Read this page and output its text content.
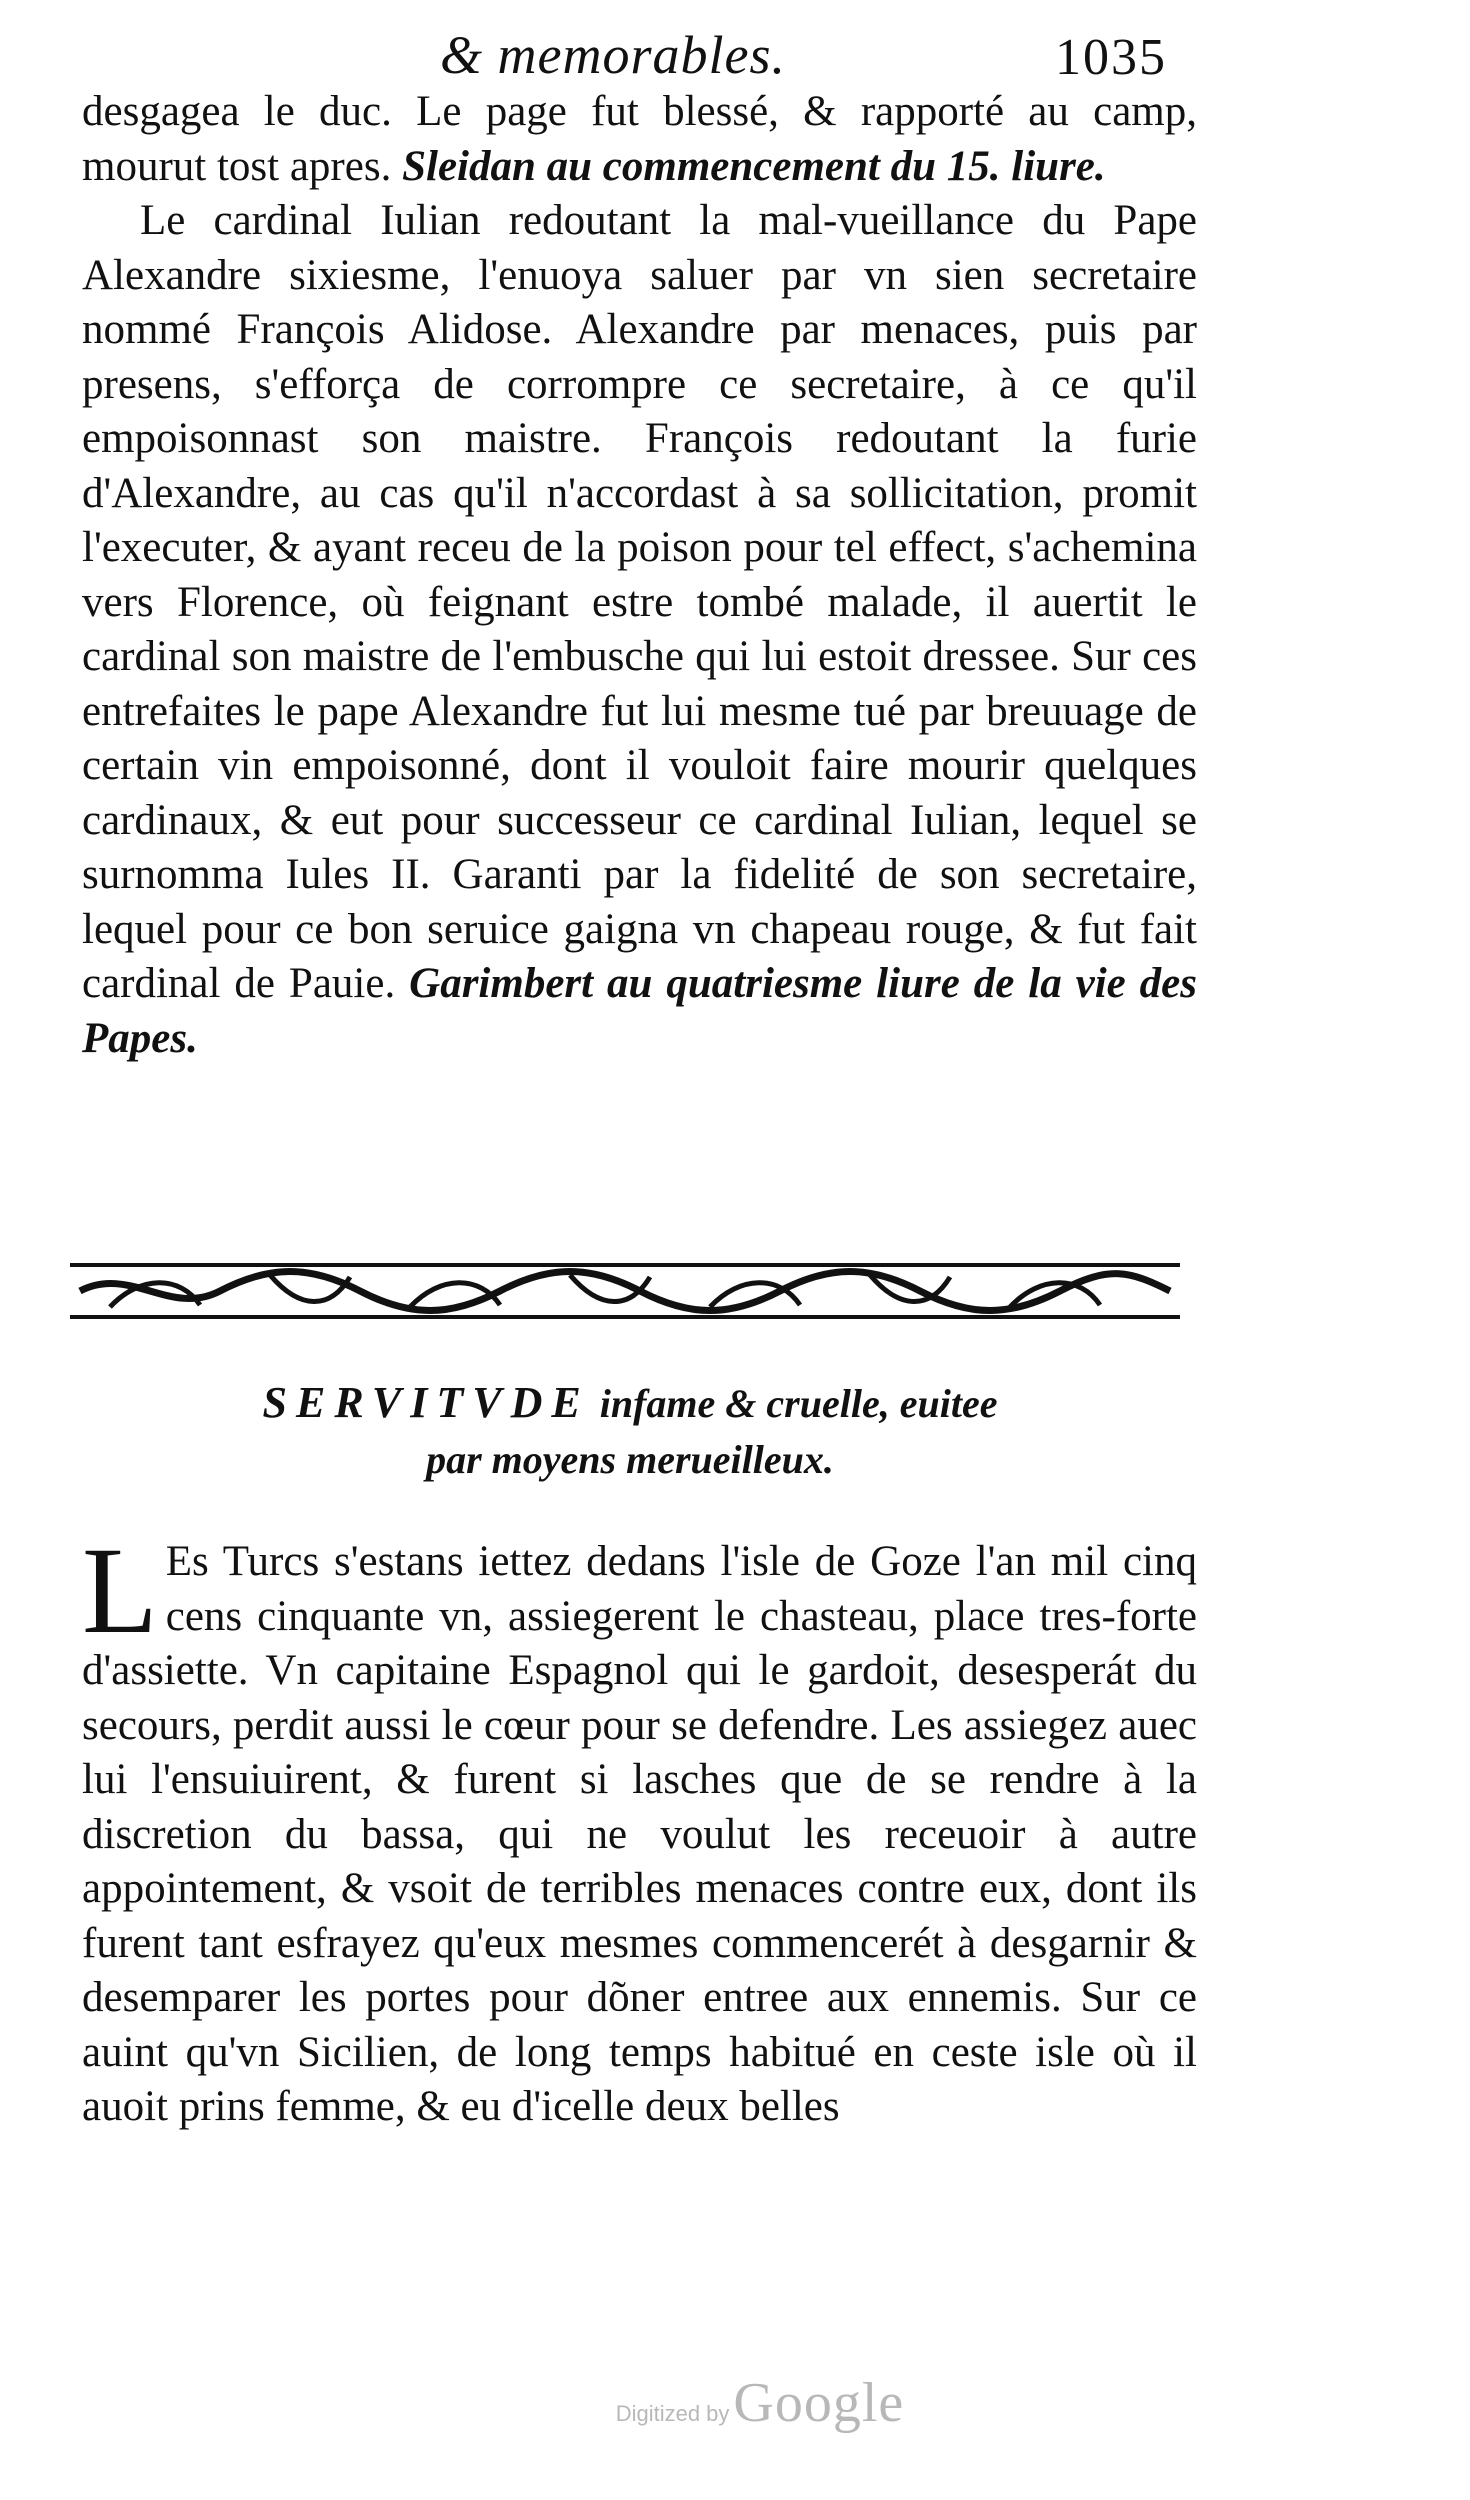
& memorables.	1035

desgagea le duc. Le page fut blessé, & rapporté au camp, mourut tost apres. Sleidan au commencement du 15. liure.

Le cardinal Iulian redoutant la mal-vueillance du Pape Alexandre sixiesme, l'enuoya saluer par vn sien secretaire nommé François Alidose. Alexandre par menaces, puis par presens, s'efforça de corrompre ce secretaire, à ce qu'il empoisonnast son maistre. François redoutant la furie d'Alexandre, au cas qu'il n'accordast à sa sollicitation, promit l'executer, & ayant receu de la poison pour tel effect, s'achemina vers Florence, où feignant estre tombé malade, il auertit le cardinal son maistre de l'embusche qui lui estoit dressee. Sur ces entrefaites le pape Alexandre fut lui mesme tué par breuuage de certain vin empoisonné, dont il vouloit faire mourir quelques cardinaux, & eut pour successeur ce cardinal Iulian, lequel se surnomma Iules II. Garanti par la fidelité de son secretaire, lequel pour ce bon seruice gaigna vn chapeau rouge, & fut fait cardinal de Pauie. Garimbert au quatriesme liure de la vie des Papes.

SERVITVDE infame & cruelle, euitee
par moyens merueilleux.

L Es Turcs s'estans iettez dedans l'isle de Goze l'an mil cinq cens cinquante vn, assiegerent le chasteau, place tres-forte d'assiette. Vn capitaine Espagnol qui le gardoit, desesperát du secours, perdit aussi le cœur pour se defendre. Les assiegez auec lui l'ensuiuirent, & furent si lasches que de se rendre à la discretion du bassa, qui ne voulut les receuoir à autre appointement, & vsoit de terribles menaces contre eux, dont ils furent tant esfrayez qu'eux mesmes commencerét à desgarnir & desemparer les portes pour dõner entree aux ennemis. Sur ce auint qu'vn Sicilien, de long temps habitué en ceste isle où il auoit prins femme, & eu d'icelle deux belles

Digitized by Google
